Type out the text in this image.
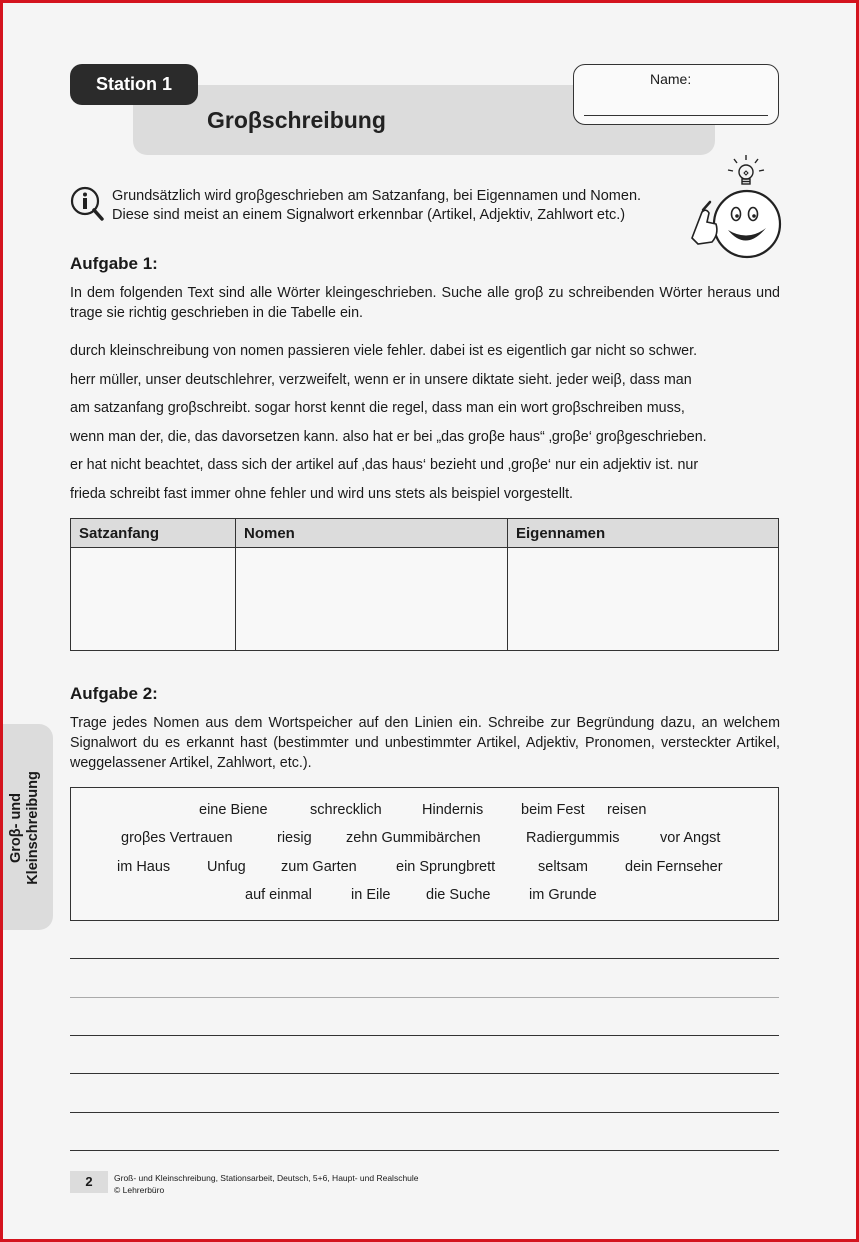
Station 1
Groβschreibung
Name:
Grundsätzlich wird groβgeschrieben am Satzanfang, bei Eigennamen und Nomen.
Diese sind meist an einem Signalwort erkennbar (Artikel, Adjektiv, Zahlwort etc.)
Aufgabe 1:
In dem folgenden Text sind alle Wörter kleingeschrieben. Suche alle groβ zu schreibenden Wörter heraus und trage sie richtig geschrieben in die Tabelle ein.
durch kleinschreibung von nomen passieren viele fehler. dabei ist es eigentlich gar nicht so schwer.
herr müller, unser deutschlehrer, verzweifelt, wenn er in unsere diktate sieht. jeder weiβ, dass man
am satzanfang groβschreibt. sogar horst kennt die regel, dass man ein wort groβschreiben muss,
wenn man der, die, das davorsetzen kann. also hat er bei „das groβe haus“ ‚groβe‘ groβgeschrieben.
er hat nicht beachtet, dass sich der artikel auf ‚das haus‘ bezieht und ‚groβe‘ nur ein adjektiv ist. nur
frieda schreibt fast immer ohne fehler und wird uns stets als beispiel vorgestellt.
Satzanfang	Nomen	Eigennamen

Aufgabe 2:
Trage jedes Nomen aus dem Wortspeicher auf den Linien ein. Schreibe zur Begründung dazu, an welchem Signalwort du es erkannt hast (bestimmter und unbestimmter Artikel, Adjektiv, Pronomen, versteckter Artikel, weggelassener Artikel, Zahlwort, etc.).
eine Biene	schrecklich	Hindernis	beim Fest reisen
groβes Vertrauen	riesig zehn Gummibärchen	Radiergummis	vor Angst
im Haus	Unfug zum Garten	ein Sprungbrett	seltsam	dein Fernseher
auf einmal	in Eile die Suche	im Grunde
Groβ- und Kleinschreibung
2	Groß- und Kleinschreibung, Stationsarbeit, Deutsch, 5+6, Haupt- und Realschule
© Lehrerbüro
